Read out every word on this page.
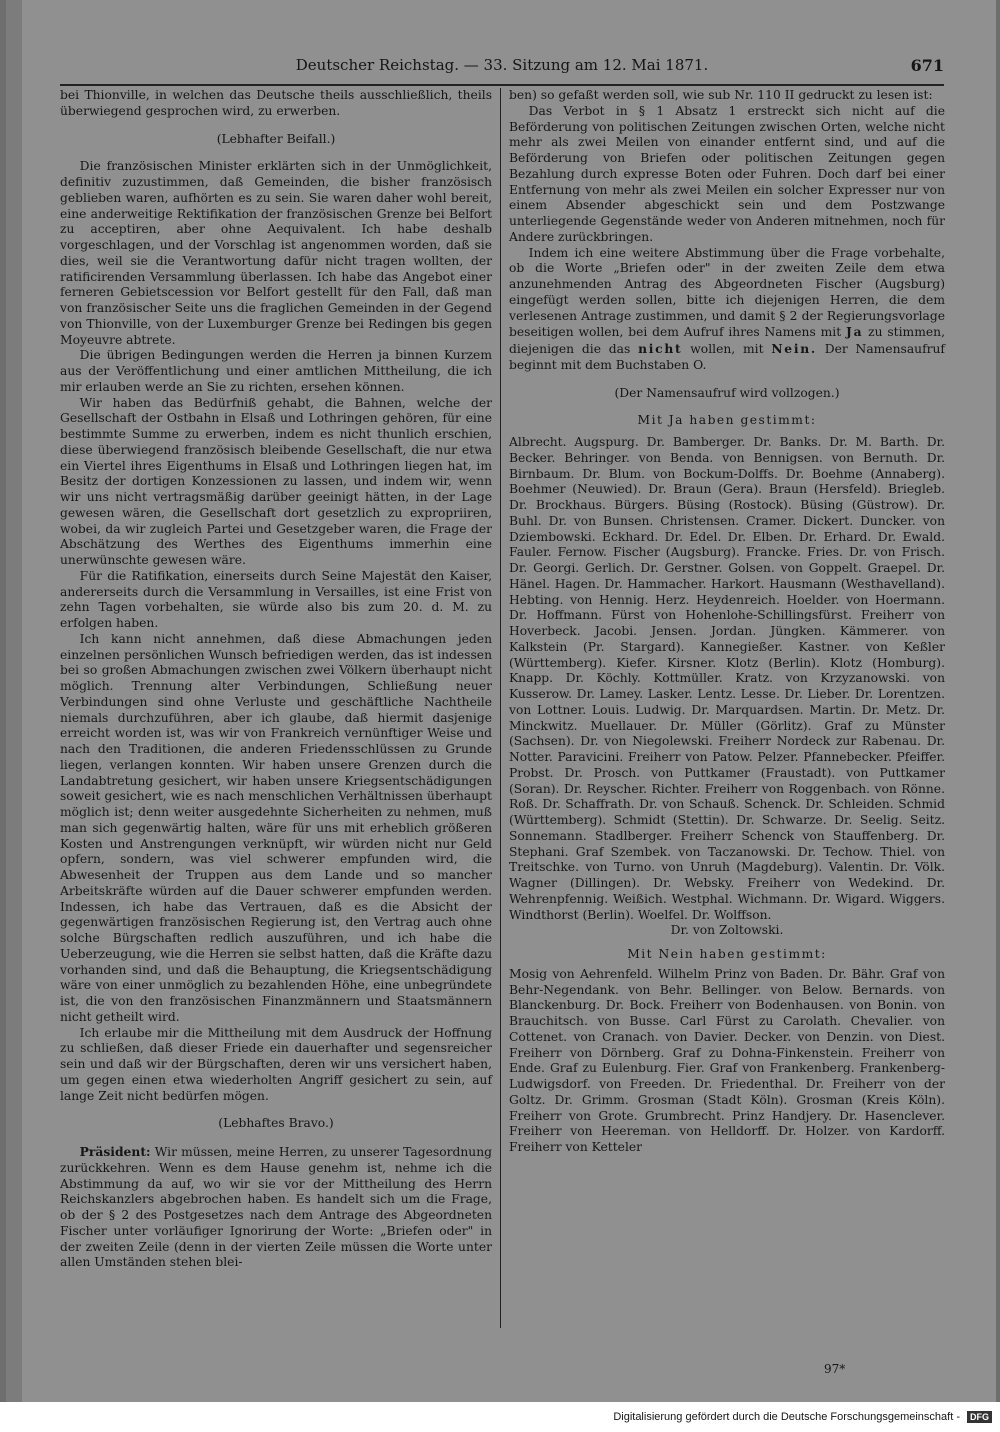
Deutscher Reichstag. — 33. Sitzung am 12. Mai 1871.	671

bei Thionville, in welchen das Deutsche theils ausschließlich, theils überwiegend gesprochen wird, zu erwerben.

(Lebhafter Beifall.)

Die französischen Minister erklärten sich in der Unmöglichkeit, definitiv zuzustimmen, daß Gemeinden, die bisher französisch geblieben waren, aufhörten es zu sein. Sie waren daher wohl bereit, eine anderweitige Rektifikation der französischen Grenze bei Belfort zu acceptiren, aber ohne Aequivalent. Ich habe deshalb vorgeschlagen, und der Vorschlag ist angenommen worden, daß sie dies, weil sie die Verantwortung dafür nicht tragen wollten, der ratificirenden Versammlung überlassen. Ich habe das Angebot einer ferneren Gebietscession vor Belfort gestellt für den Fall, daß man von französischer Seite uns die fraglichen Gemeinden in der Gegend von Thionville, von der Luxemburger Grenze bei Redingen bis gegen Moyeuvre abtrete.

Die übrigen Bedingungen werden die Herren ja binnen Kurzem aus der Veröffentlichung und einer amtlichen Mittheilung, die ich mir erlauben werde an Sie zu richten, ersehen können.

Wir haben das Bedürfniß gehabt, die Bahnen, welche der Gesellschaft der Ostbahn in Elsaß und Lothringen gehören, für eine bestimmte Summe zu erwerben, indem es nicht thunlich erschien, diese überwiegend französisch bleibende Gesellschaft, die nur etwa ein Viertel ihres Eigenthums in Elsaß und Lothringen liegen hat, im Besitz der dortigen Konzessionen zu lassen, und indem wir, wenn wir uns nicht vertragsmäßig darüber geeinigt hätten, in der Lage gewesen wären, die Gesellschaft dort gesetzlich zu expropriiren, wobei, da wir zugleich Partei und Gesetzgeber waren, die Frage der Abschätzung des Werthes des Eigenthums immerhin eine unerwünschte gewesen wäre.

Für die Ratifikation, einerseits durch Seine Majestät den Kaiser, andererseits durch die Versammlung in Versailles, ist eine Frist von zehn Tagen vorbehalten, sie würde also bis zum 20. d. M. zu erfolgen haben.

Ich kann nicht annehmen, daß diese Abmachungen jeden einzelnen persönlichen Wunsch befriedigen werden, das ist indessen bei so großen Abmachungen zwischen zwei Völkern überhaupt nicht möglich. Trennung alter Verbindungen, Schließung neuer Verbindungen sind ohne Verluste und geschäftliche Nachtheile niemals durchzuführen, aber ich glaube, daß hiermit dasjenige erreicht worden ist, was wir von Frankreich vernünftiger Weise und nach den Traditionen, die anderen Friedensschlüssen zu Grunde liegen, verlangen konnten. Wir haben unsere Grenzen durch die Landabtretung gesichert, wir haben unsere Kriegsentschädigungen soweit gesichert, wie es nach menschlichen Verhältnissen überhaupt möglich ist; denn weiter ausgedehnte Sicherheiten zu nehmen, muß man sich gegenwärtig halten, wäre für uns mit erheblich größeren Kosten und Anstrengungen verknüpft, wir würden nicht nur Geld opfern, sondern, was viel schwerer empfunden wird, die Abwesenheit der Truppen aus dem Lande und so mancher Arbeitskräfte würden auf die Dauer schwerer empfunden werden. Indessen, ich habe das Vertrauen, daß es die Absicht der gegenwärtigen französischen Regierung ist, den Vertrag auch ohne solche Bürgschaften redlich auszuführen, und ich habe die Ueberzeugung, wie die Herren sie selbst hatten, daß die Kräfte dazu vorhanden sind, und daß die Behauptung, die Kriegsentschädigung wäre von einer unmöglich zu bezahlenden Höhe, eine unbegründete ist, die von den französischen Finanzmännern und Staatsmännern nicht getheilt wird.

Ich erlaube mir die Mittheilung mit dem Ausdruck der Hoffnung zu schließen, daß dieser Friede ein dauerhafter und segensreicher sein und daß wir der Bürgschaften, deren wir uns versichert haben, um gegen einen etwa wiederholten Angriff gesichert zu sein, auf lange Zeit nicht bedürfen mögen.

(Lebhaftes Bravo.)

Präsident: Wir müssen, meine Herren, zu unserer Tagesordnung zurückkehren. Wenn es dem Hause genehm ist, nehme ich die Abstimmung da auf, wo wir sie vor der Mittheilung des Herrn Reichskanzlers abgebrochen haben. Es handelt sich um die Frage, ob der § 2 des Postgesetzes nach dem Antrage des Abgeordneten Fischer unter vorläufiger Ignorirung der Worte: „Briefen oder" in der zweiten Zeile (denn in der vierten Zeile müssen die Worte unter allen Umständen stehen blei-

ben) so gefaßt werden soll, wie sub Nr. 110 II gedruckt zu lesen ist:

Das Verbot in § 1 Absatz 1 erstreckt sich nicht auf die Beförderung von politischen Zeitungen zwischen Orten, welche nicht mehr als zwei Meilen von einander entfernt sind, und auf die Beförderung von Briefen oder politischen Zeitungen gegen Bezahlung durch expresse Boten oder Fuhren. Doch darf bei einer Entfernung von mehr als zwei Meilen ein solcher Expresser nur von einem Absender abgeschickt sein und dem Postzwange unterliegende Gegenstände weder von Anderen mitnehmen, noch für Andere zurückbringen.

Indem ich eine weitere Abstimmung über die Frage vorbehalte, ob die Worte „Briefen oder" in der zweiten Zeile dem etwa anzunehmenden Antrag des Abgeordneten Fischer (Augsburg) eingefügt werden sollen, bitte ich diejenigen Herren, die dem verlesenen Antrage zustimmen, und damit § 2 der Regierungsvorlage beseitigen wollen, bei dem Aufruf ihres Namens mit Ja zu stimmen, diejenigen die das nicht wollen, mit Nein. Der Namensaufruf beginnt mit dem Buchstaben O.

(Der Namensaufruf wird vollzogen.)

Mit Ja haben gestimmt:

Albrecht. Augspurg. Dr. Bamberger. Dr. Banks. Dr. M. Barth. Dr. Becker. Behringer. von Benda. von Bennigsen. von Bernuth. Dr. Birnbaum. Dr. Blum. von Bockum-Dolffs. Dr. Boehme (Annaberg). Boehmer (Neuwied). Dr. Braun (Gera). Braun (Hersfeld). Briegleb. Dr. Brockhaus. Bürgers. Büsing (Rostock). Büsing (Güstrow). Dr. Buhl. Dr. von Bunsen. Christensen. Cramer. Dickert. Duncker. von Dziembowski. Eckhard. Dr. Edel. Dr. Elben. Dr. Erhard. Dr. Ewald. Fauler. Fernow. Fischer (Augsburg). Francke. Fries. Dr. von Frisch. Dr. Georgi. Gerlich. Dr. Gerstner. Golsen. von Goppelt. Graepel. Dr. Hänel. Hagen. Dr. Hammacher. Harkort. Hausmann (Westhavelland). Hebting. von Hennig. Herz. Heydenreich. Hoelder. von Hoermann. Dr. Hoffmann. Fürst von Hohenlohe-Schillingsfürst. Freiherr von Hoverbeck. Jacobi. Jensen. Jordan. Jüngken. Kämmerer. von Kalkstein (Pr. Stargard). Kannegießer. Kastner. von Keßler (Württemberg). Kiefer. Kirsner. Klotz (Berlin). Klotz (Homburg). Knapp. Dr. Köchly. Kottmüller. Kratz. von Krzyzanowski. von Kusserow. Dr. Lamey. Lasker. Lentz. Lesse. Dr. Lieber. Dr. Lorentzen. von Lottner. Louis. Ludwig. Dr. Marquardsen. Martin. Dr. Metz. Dr. Minckwitz. Muellauer. Dr. Müller (Görlitz). Graf zu Münster (Sachsen). Dr. von Niegolewski. Freiherr Nordeck zur Rabenau. Dr. Notter. Paravicini. Freiherr von Patow. Pelzer. Pfannebecker. Pfeiffer. Probst. Dr. Prosch. von Puttkamer (Fraustadt). von Puttkamer (Soran). Dr. Reyscher. Richter. Freiherr von Roggenbach. von Rönne. Roß. Dr. Schaffrath. Dr. von Schauß. Schenck. Dr. Schleiden. Schmid (Württemberg). Schmidt (Stettin). Dr. Schwarze. Dr. Seelig. Seitz. Sonnemann. Stadlberger. Freiherr Schenck von Stauffenberg. Dr. Stephani. Graf Szembek. von Taczanowski. Dr. Techow. Thiel. von Treitschke. von Turno. von Unruh (Magdeburg). Valentin. Dr. Völk. Wagner (Dillingen). Dr. Websky. Freiherr von Wedekind. Dr. Wehrenpfennig. Weißich. Westphal. Wichmann. Dr. Wigard. Wiggers. Windthorst (Berlin). Woelfel. Dr. Wolffson.

Dr. von Zoltowski.

Mit Nein haben gestimmt:

Mosig von Aehrenfeld. Wilhelm Prinz von Baden. Dr. Bähr. Graf von Behr-Negendank. von Behr. Bellinger. von Below. Bernards. von Blanckenburg. Dr. Bock. Freiherr von Bodenhausen. von Bonin. von Brauchitsch. von Busse. Carl Fürst zu Carolath. Chevalier. von Cottenet. von Cranach. von Davier. Decker. von Denzin. von Diest. Freiherr von Dörnberg. Graf zu Dohna-Finkenstein. Freiherr von Ende. Graf zu Eulenburg. Fier. Graf von Frankenberg. Frankenberg-Ludwigsdorf. von Freeden. Dr. Friedenthal. Dr. Freiherr von der Goltz. Dr. Grimm. Grosman (Stadt Köln). Grosman (Kreis Köln). Freiherr von Grote. Grumbrecht. Prinz Handjery. Dr. Hasenclever. Freiherr von Heereman. von Helldorff. Dr. Holzer. von Kardorff. Freiherr von Ketteler

97*
Digitalisierung gefördert durch die Deutsche Forschungsgemeinschaft -	DFG
